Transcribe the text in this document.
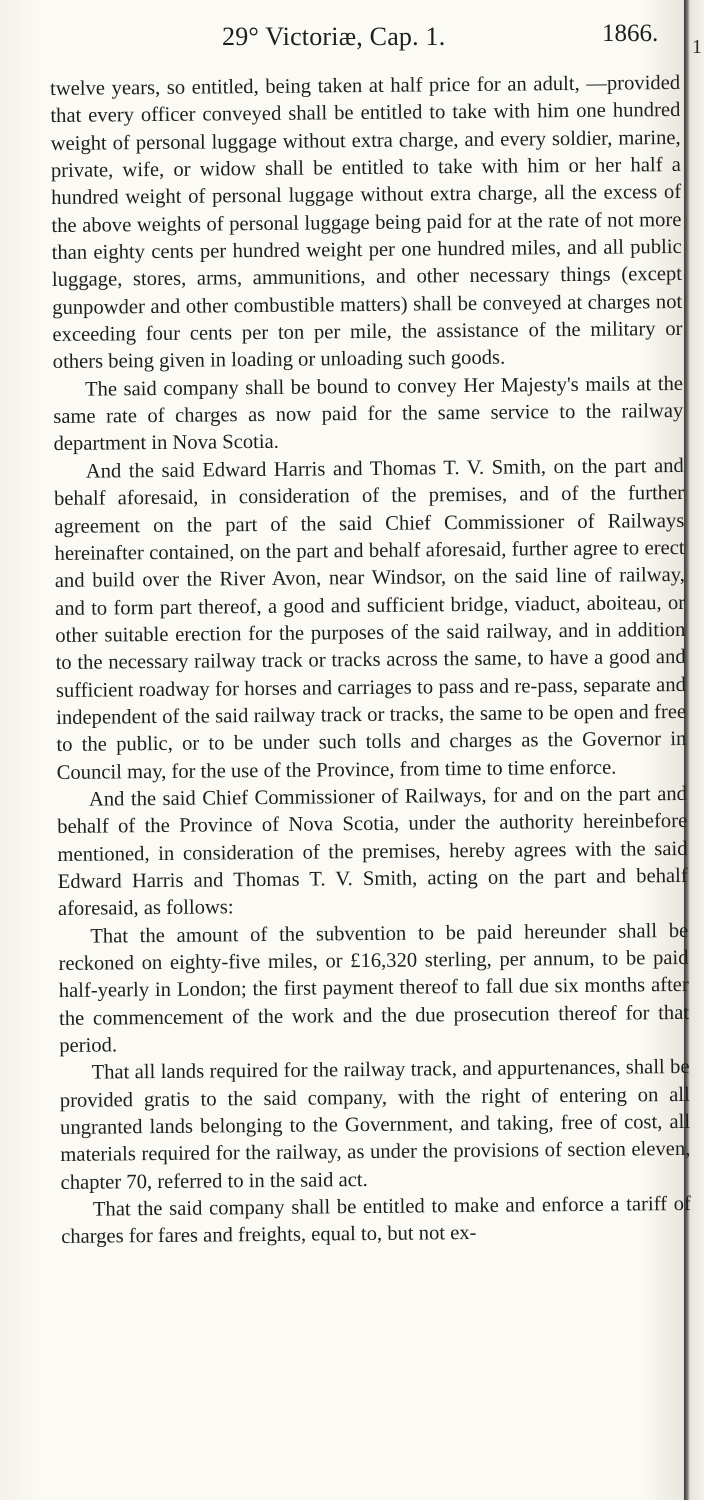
29° Victoriæ, Cap. 1.	1866. 1

twelve years, so entitled, being taken at half price for an adult, —provided that every officer conveyed shall be entitled to take with him one hundred weight of personal luggage without extra charge, and every soldier, marine, private, wife, or widow shall be entitled to take with him or her half a hundred weight of personal luggage without extra charge, all the excess of the above weights of personal luggage being paid for at the rate of not more than eighty cents per hundred weight per one hundred miles, and all public luggage, stores, arms, ammunitions, and other necessary things (except gunpowder and other combustible matters) shall be conveyed at charges not exceeding four cents per ton per mile, the assistance of the military or others being given in loading or unloading such goods.

The said company shall be bound to convey Her Majesty's mails at the same rate of charges as now paid for the same service to the railway department in Nova Scotia.

And the said Edward Harris and Thomas T. V. Smith, on the part and behalf aforesaid, in consideration of the premises, and of the further agreement on the part of the said Chief Commissioner of Railways hereinafter contained, on the part and behalf aforesaid, further agree to erect and build over the River Avon, near Windsor, on the said line of railway, and to form part thereof, a good and sufficient bridge, viaduct, aboiteau, or other suitable erection for the purposes of the said railway, and in addition to the necessary railway track or tracks across the same, to have a good and sufficient roadway for horses and carriages to pass and re-pass, separate and independent of the said railway track or tracks, the same to be open and free to the public, or to be under such tolls and charges as the Governor in Council may, for the use of the Province, from time to time enforce.

And the said Chief Commissioner of Railways, for and on the part and behalf of the Province of Nova Scotia, under the authority hereinbefore mentioned, in consideration of the premises, hereby agrees with the said Edward Harris and Thomas T. V. Smith, acting on the part and behalf aforesaid, as follows:

That the amount of the subvention to be paid hereunder shall be reckoned on eighty-five miles, or £16,320 sterling, per annum, to be paid half-yearly in London; the first payment thereof to fall due six months after the commencement of the work and the due prosecution thereof for that period.

That all lands required for the railway track, and appurtenances, shall be provided gratis to the said company, with the right of entering on all ungranted lands belonging to the Government, and taking, free of cost, all materials required for the railway, as under the provisions of section eleven, chapter 70, referred to in the said act.

That the said company shall be entitled to make and enforce a tariff of charges for fares and freights, equal to, but not ex-
